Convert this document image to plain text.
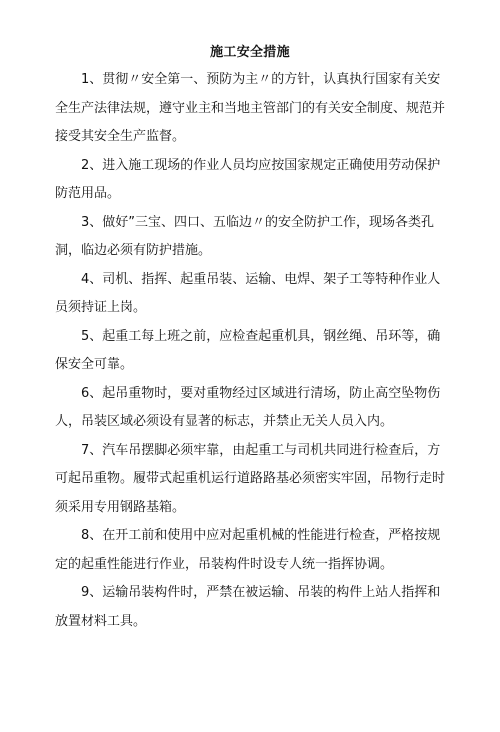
施工安全措施

1、贯彻〃安全第一、预防为主〃的方针，认真执行国家有关安 全生产法律法规，遵守业主和当地主管部门的有关安全制度、规范并 接受其安全生产监督。

2、进入施工现场的作业人员均应按国家规定正确使用劳动保护 防范用品。

3、做好”三宝、四口、五临边〃的安全防护工作，现场各类孔 洞，临边必须有防护措施。

4、司机、指挥、起重吊装、运输、电焊、架子工等特种作业人 员须持证上岗。

5、起重工每上班之前，应检查起重机具，钢丝绳、吊环等，确 保安全可靠。

6、起吊重物时，要对重物经过区域进行清场，防止高空坠物伤 人，吊装区域必须设有显著的标志，并禁止无关人员入内。

7、汽车吊摆脚必须牢靠，由起重工与司机共同进行检查后，方 可起吊重物。履带式起重机运行道路路基必须密实牢固，吊物行走时 须采用专用钢路基箱。

8、在开工前和使用中应对起重机械的性能进行检查，严格按规 定的起重性能进行作业，吊装构件时设专人统一指挥协调。

9、运输吊装构件时，严禁在被运输、吊装的构件上站人指挥和 放置材料工具。
